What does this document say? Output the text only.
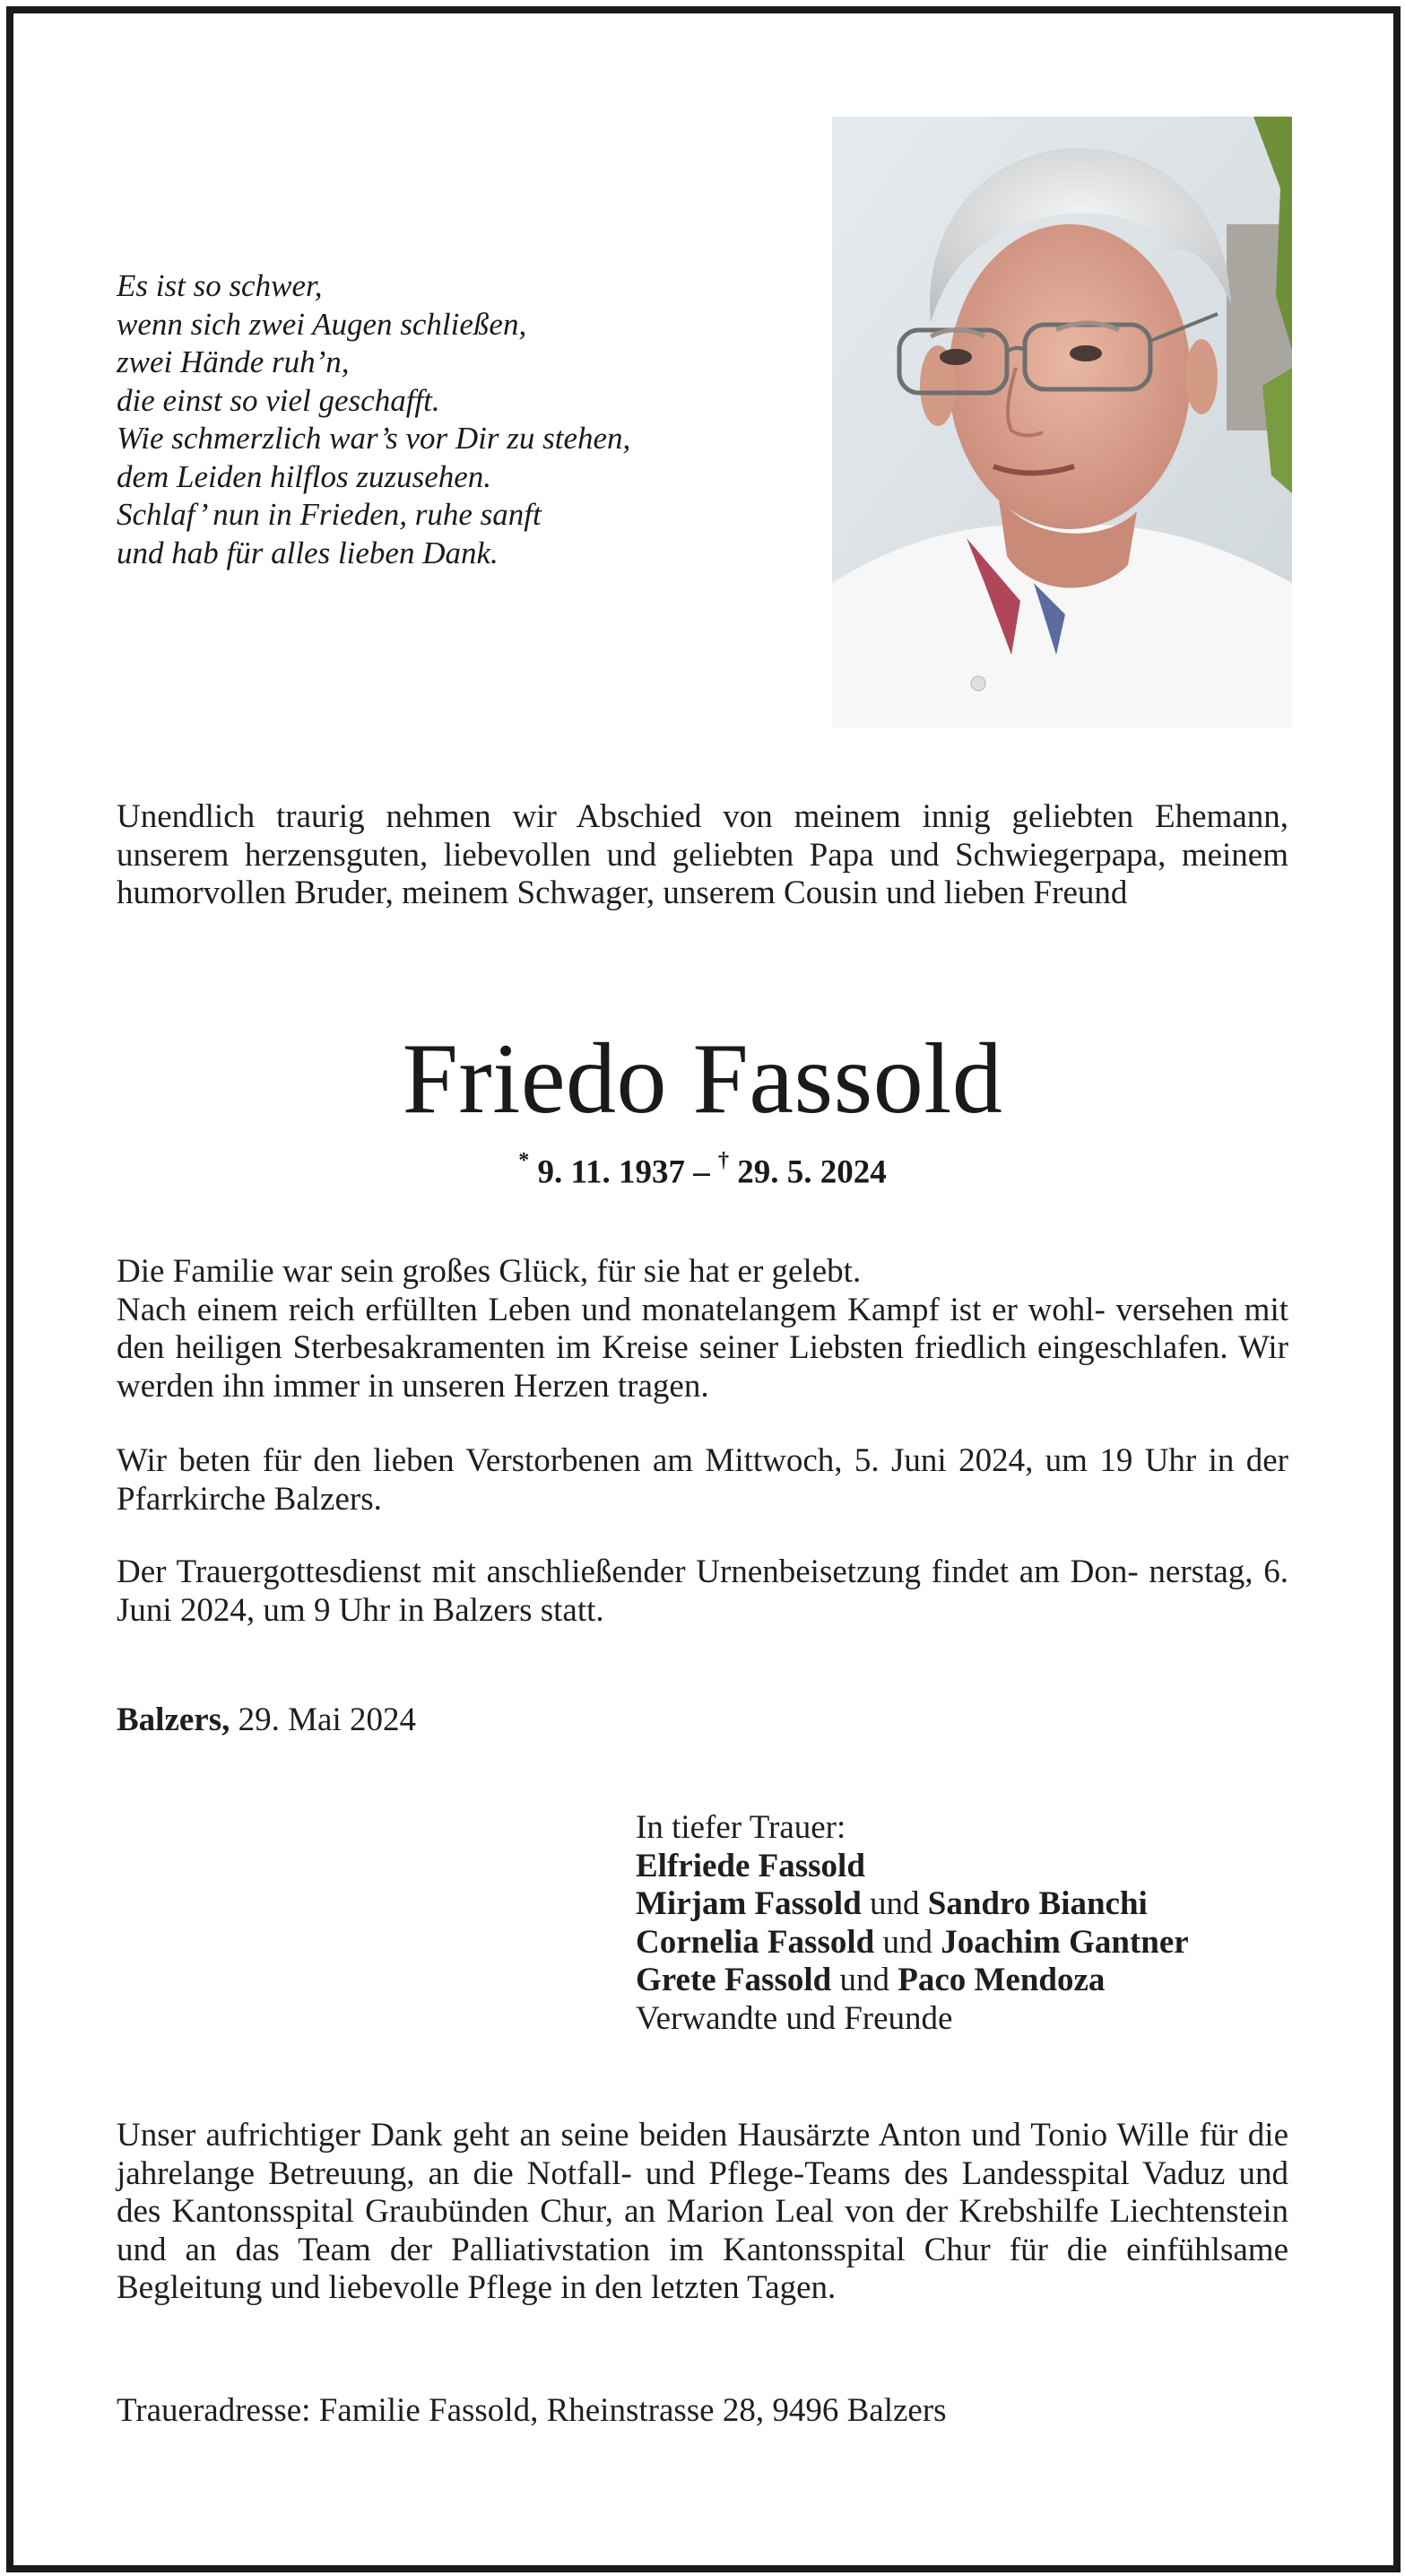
Es ist so schwer,
wenn sich zwei Augen schließen,
zwei Hände ruh’n,
die einst so viel geschafft.
Wie schmerzlich war’s vor Dir zu stehen,
dem Leiden hilflos zuzusehen.
Schlaf’ nun in Frieden, ruhe sanft
und hab für alles lieben Dank.
Unendlich traurig nehmen wir Abschied von meinem innig geliebten Ehemann, unserem herzensguten, liebevollen und geliebten Papa und Schwiegerpapa, meinem humorvollen Bruder, meinem Schwager, unserem Cousin und lieben Freund
Friedo Fassold
* 9. 11. 1937 – † 29. 5. 2024
Die Familie war sein großes Glück, für sie hat er gelebt.
Nach einem reich erfüllten Leben und monatelangem Kampf ist er wohl- versehen mit den heiligen Sterbesakramenten im Kreise seiner Liebsten friedlich eingeschlafen. Wir werden ihn immer in unseren Herzen tragen.
Wir beten für den lieben Verstorbenen am Mittwoch, 5. Juni 2024, um 19 Uhr in der Pfarrkirche Balzers.
Der Trauergottesdienst mit anschließender Urnenbeisetzung findet am Don- nerstag, 6. Juni 2024, um 9 Uhr in Balzers statt.
Balzers, 29. Mai 2024
In tiefer Trauer:
Elfriede Fassold
Mirjam Fassold und Sandro Bianchi
Cornelia Fassold und Joachim Gantner
Grete Fassold und Paco Mendoza
Verwandte und Freunde
Unser aufrichtiger Dank geht an seine beiden Hausärzte Anton und Tonio Wille für die jahrelange Betreuung, an die Notfall- und Pflege-Teams des Landesspital Vaduz und des Kantonsspital Graubünden Chur, an Marion Leal von der Krebshilfe Liechtenstein und an das Team der Palliativstation im Kantonsspital Chur für die einfühlsame Begleitung und liebevolle Pflege in den letzten Tagen.
Traueradresse: Familie Fassold, Rheinstrasse 28, 9496 Balzers
